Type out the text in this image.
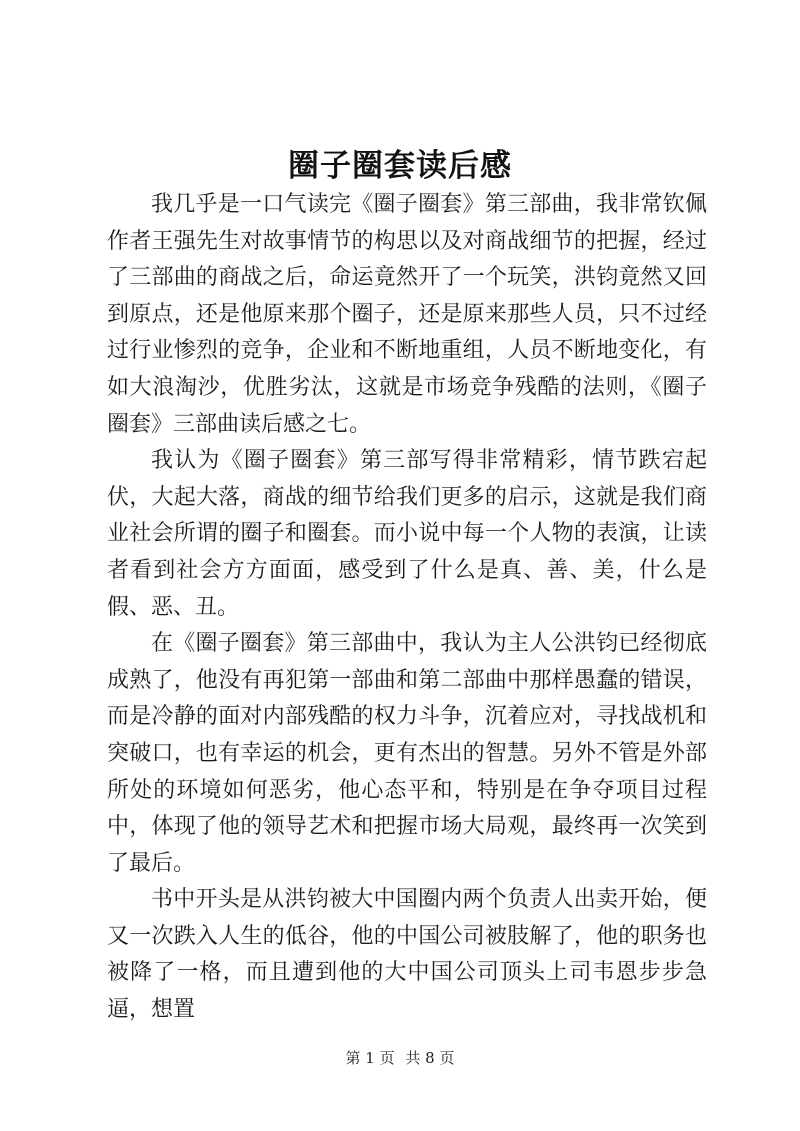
圈子圈套读后感

我几乎是一口气读完《圈子圈套》第三部曲，我非常钦佩作者王强先生对故事情节的构思以及对商战细节的把握，经过了三部曲的商战之后，命运竟然开了一个玩笑，洪钧竟然又回到原点，还是他原来那个圈子，还是原来那些人员，只不过经过行业惨烈的竞争，企业和不断地重组，人员不断地变化，有如大浪淘沙，优胜劣汰，这就是市场竞争残酷的法则，《圈子圈套》三部曲读后感之七。

我认为《圈子圈套》第三部写得非常精彩，情节跌宕起伏，大起大落，商战的细节给我们更多的启示，这就是我们商业社会所谓的圈子和圈套。而小说中每一个人物的表演，让读者看到社会方方面面，感受到了什么是真、善、美，什么是假、恶、丑。

在《圈子圈套》第三部曲中，我认为主人公洪钧已经彻底成熟了，他没有再犯第一部曲和第二部曲中那样愚蠢的错误，而是冷静的面对内部残酷的权力斗争，沉着应对，寻找战机和突破口，也有幸运的机会，更有杰出的智慧。另外不管是外部所处的环境如何恶劣，他心态平和，特别是在争夺项目过程中，体现了他的领导艺术和把握市场大局观，最终再一次笑到了最后。

书中开头是从洪钧被大中国圈内两个负责人出卖开始，便又一次跌入人生的低谷，他的中国公司被肢解了，他的职务也被降了一格，而且遭到他的大中国公司顶头上司韦恩步步急逼，想置

第 1 页 共 8 页
